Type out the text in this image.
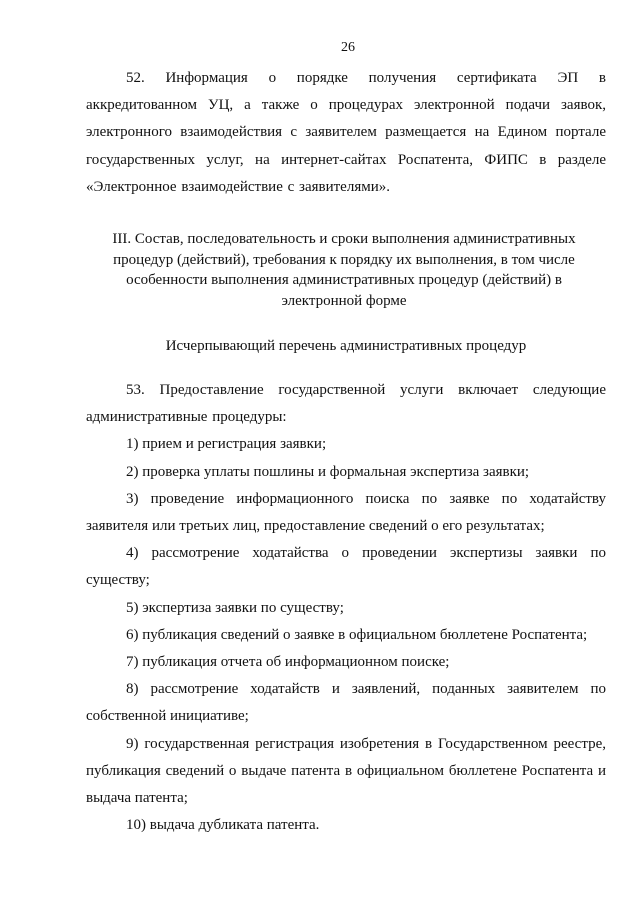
26

52. Информация о порядке получения сертификата ЭП в аккредитованном УЦ, а также о процедурах электронной подачи заявок, электронного взаимодействия с заявителем размещается на Едином портале государственных услуг, на интернет-сайтах Роспатента, ФИПС в разделе «Электронное взаимодействие с заявителями».

III. Состав, последовательность и сроки выполнения административных процедур (действий), требования к порядку их выполнения, в том числе особенности выполнения административных процедур (действий) в электронной форме

Исчерпывающий перечень административных процедур

53. Предоставление государственной услуги включает следующие административные процедуры:

1) прием и регистрация заявки;

2) проверка уплаты пошлины и формальная экспертиза заявки;

3) проведение информационного поиска по заявке по ходатайству заявителя или третьих лиц, предоставление сведений о его результатах;

4) рассмотрение ходатайства о проведении экспертизы заявки по существу;

5) экспертиза заявки по существу;

6) публикация сведений о заявке в официальном бюллетене Роспатента;

7) публикация отчета об информационном поиске;

8) рассмотрение ходатайств и заявлений, поданных заявителем по собственной инициативе;

9) государственная регистрация изобретения в Государственном реестре, публикация сведений о выдаче патента в официальном бюллетене Роспатента и выдача патента;

10) выдача дубликата патента.
